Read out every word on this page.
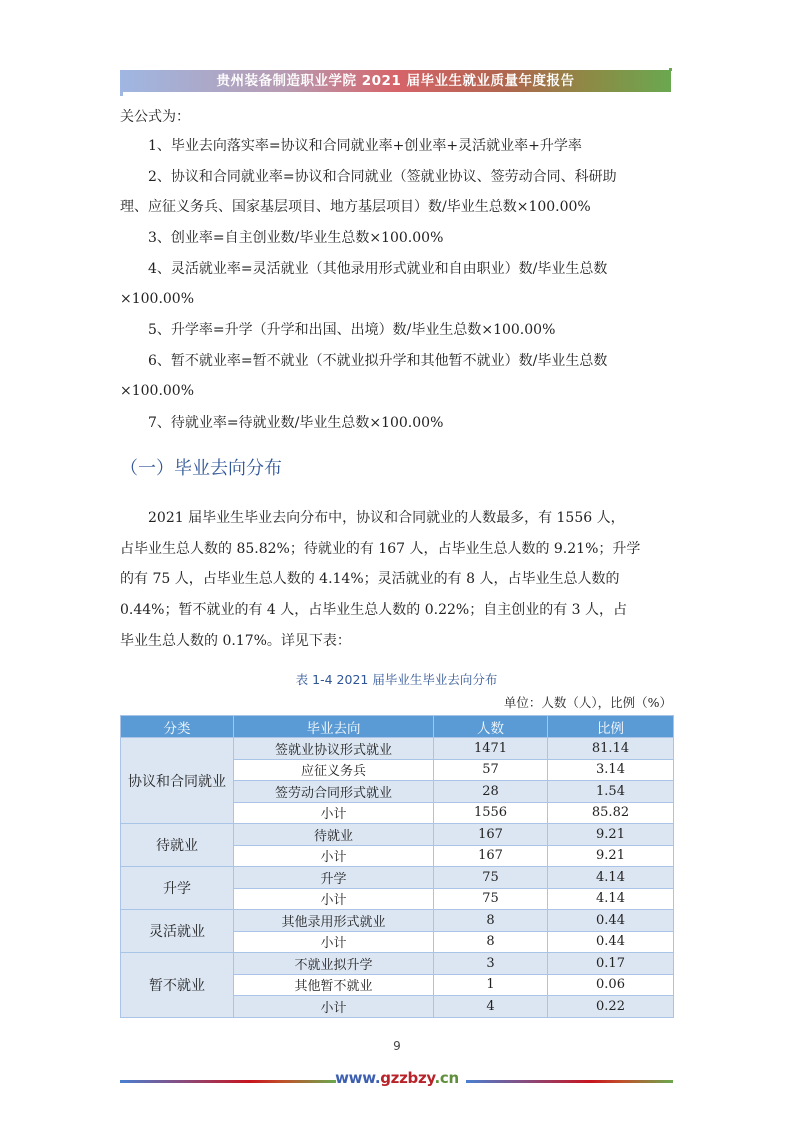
贵州装备制造职业学院 2021 届毕业生就业质量年度报告
关公式为：
1、毕业去向落实率=协议和合同就业率+创业率+灵活就业率+升学率
2、协议和合同就业率=协议和合同就业（签就业协议、签劳动合同、科研助
理、应征义务兵、国家基层项目、地方基层项目）数/毕业生总数×100.00%
3、创业率=自主创业数/毕业生总数×100.00%
4、灵活就业率=灵活就业（其他录用形式就业和自由职业）数/毕业生总数
×100.00%
5、升学率=升学（升学和出国、出境）数/毕业生总数×100.00%
6、暂不就业率=暂不就业（不就业拟升学和其他暂不就业）数/毕业生总数
×100.00%
7、待就业率=待就业数/毕业生总数×100.00%
（一）毕业去向分布
2021 届毕业生毕业去向分布中，协议和合同就业的人数最多，有 1556 人，
占毕业生总人数的 85.82%；待就业的有 167 人，占毕业生总人数的 9.21%；升学
的有 75 人，占毕业生总人数的 4.14%；灵活就业的有 8 人，占毕业生总人数的
0.44%；暂不就业的有 4 人，占毕业生总人数的 0.22%；自主创业的有 3 人，占
毕业生总人数的 0.17%。详见下表：
表 1-4 2021 届毕业生毕业去向分布
单位：人数（人），比例（%）
分类	毕业去向	人数	比例
协议和合同就业	签就业协议形式就业	1471	81.14
	应征义务兵	57	3.14
	签劳动合同形式就业	28	1.54
	小计	1556	85.82
待就业	待就业	167	9.21
	小计	167	9.21
升学	升学	75	4.14
	小计	75	4.14
灵活就业	其他录用形式就业	8	0.44
	小计	8	0.44
暂不就业	不就业拟升学	3	0.17
	其他暂不就业	1	0.06
	小计	4	0.22
9
www.gzzbzy.cn
